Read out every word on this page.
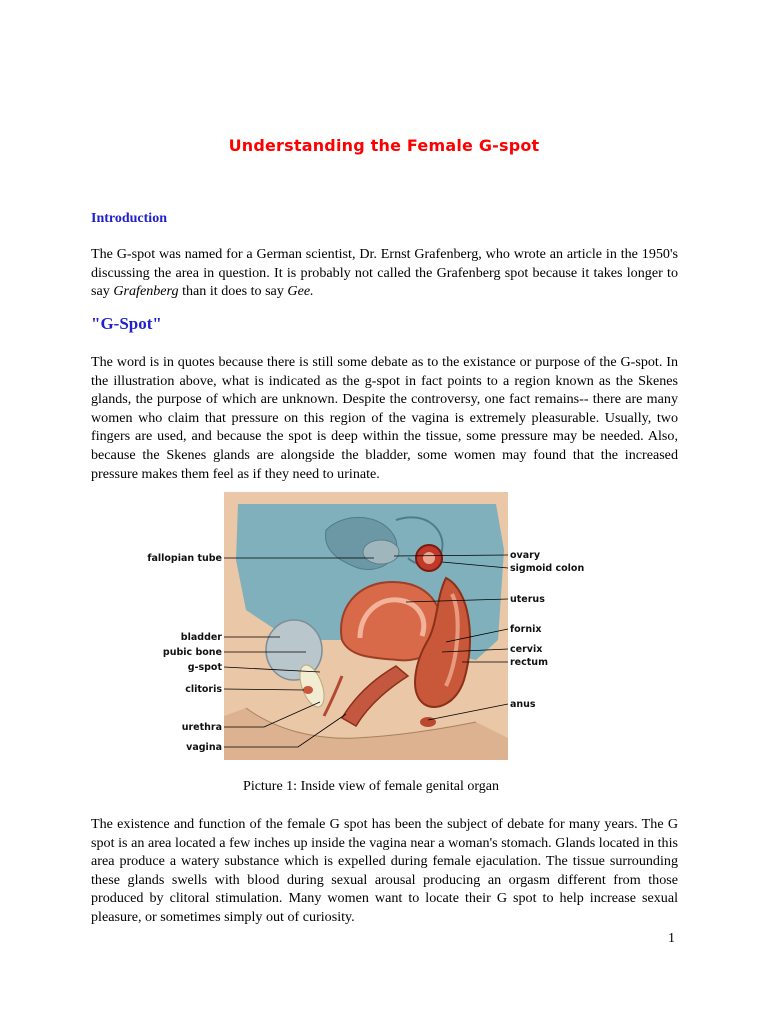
Understanding the Female G-spot
Introduction

The G-spot was named for a German scientist, Dr. Ernst Grafenberg, who wrote an article in the 1950's discussing the area in question. It is probably not called the Grafenberg spot because it takes longer to say Grafenberg than it does to say Gee.

"G-Spot"

The word is in quotes because there is still some debate as to the existance or purpose of the G-spot. In the illustration above, what is indicated as the g-spot in fact points to a region known as the Skenes glands, the purpose of which are unknown. Despite the controversy, one fact remains-- there are many women who claim that pressure on this region of the vagina is extremely pleasurable. Usually, two fingers are used, and because the spot is deep within the tissue, some pressure may be needed. Also, because the Skenes glands are alongside the bladder, some women may found that the increased pressure makes them feel as if they need to urinate.

fallopian tube
bladder
pubic bone
g-spot
clitoris
urethra
vagina
ovary
sigmoid colon
uterus
fornix
cervix
rectum
anus
Picture 1: Inside view of female genital organ

The existence and function of the female G spot has been the subject of debate for many years. The G spot is an area located a few inches up inside the vagina near a woman's stomach. Glands located in this area produce a watery substance which is expelled during female ejaculation. The tissue surrounding these glands swells with blood during sexual arousal producing an orgasm different from those produced by clitoral stimulation. Many women want to locate their G spot to help increase sexual pleasure, or sometimes simply out of curiosity.

1
